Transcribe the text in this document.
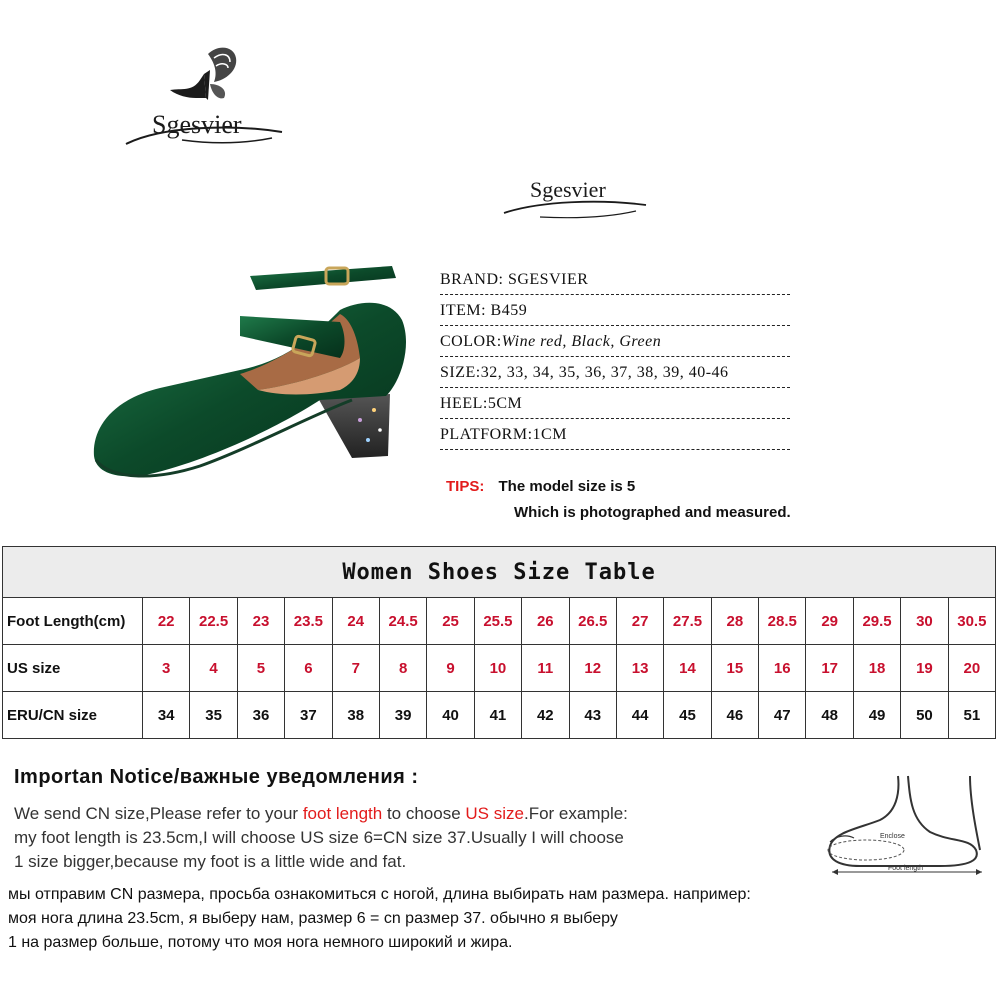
Sgesvier
Sgesvier
BRAND: SGESVIER
ITEM: B459
COLOR:Wine red, Black, Green
SIZE:32, 33, 34, 35, 36, 37, 38, 39, 40-46
HEEL:5CM
PLATFORM:1CM
TIPS: The model size is 5
Which is photographed and measured.
Women Shoes Size Table																		
Foot Length(cm)	22	22.5	23	23.5	24	24.5	25	25.5	26	26.5	27	27.5	28	28.5	29	29.5	30	30.5
US size	3	4	5	6	7	8	9	10	11	12	13	14	15	16	17	18	19	20
ERU/CN size	34	35	36	37	38	39	40	41	42	43	44	45	46	47	48	49	50	51
Importan Notice/важные уведомления :
We send CN size,Please refer to your foot length to choose US size.For example:
my foot length is 23.5cm,I will choose US size 6=CN size 37.Usually I will choose
1 size bigger,because my foot is a little wide and fat.
мы отправим CN размера, просьба ознакомиться с ногой, длина выбирать нам размера. например:
моя нога длина 23.5cm, я выберу нам, размер 6 = cn размер 37. обычно я выберу
1 на размер больше, потому что моя нога немного широкий и жира.
Enclose
Foot length
